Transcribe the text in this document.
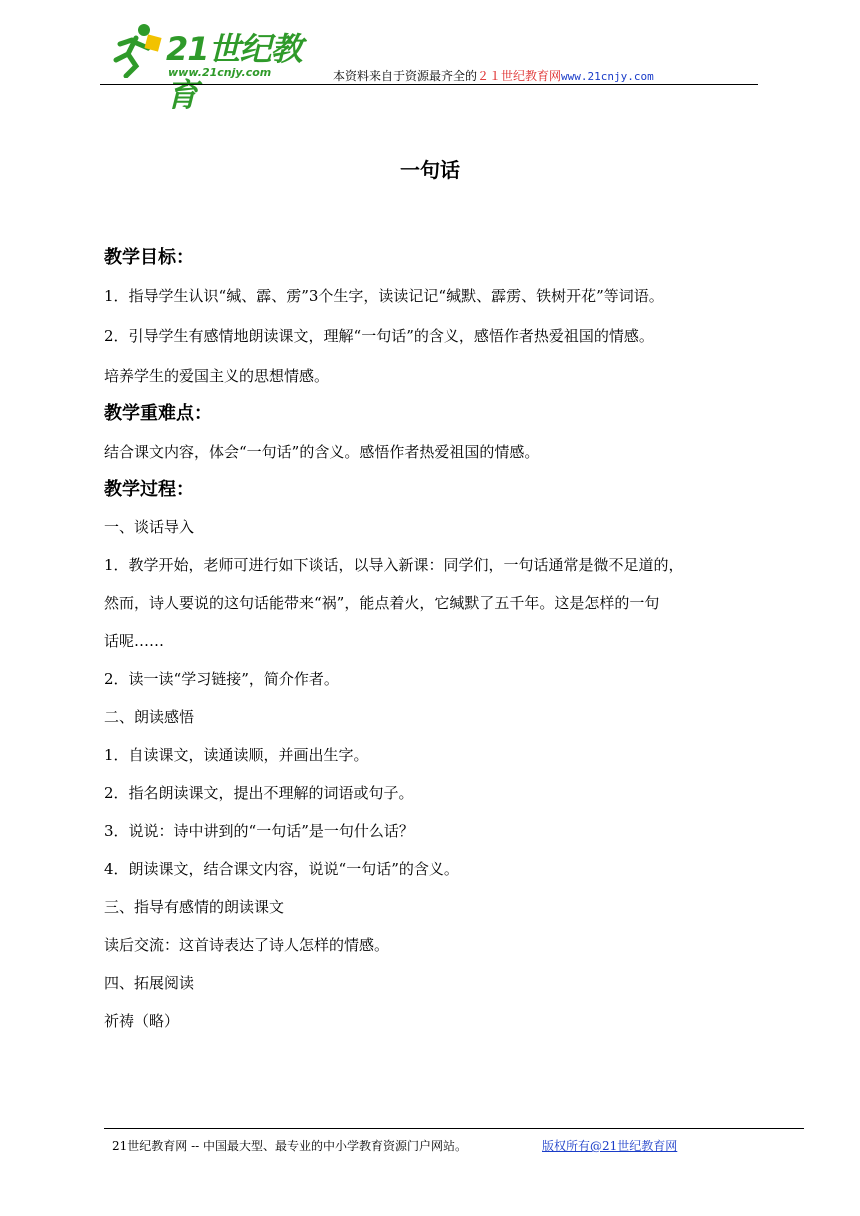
21世纪教育
www.21cnjy.com	本资料来自于资源最齐全的２１世纪教育网www.21cnjy.com
一句话
教学目标：
1．指导学生认识“缄、霹、雳”3个生字，读读记记“缄默、霹雳、铁树开花”等词语。
2．引导学生有感情地朗读课文，理解“一句话”的含义，感悟作者热爱祖国的情感。
培养学生的爱国主义的思想情感。
教学重难点：
结合课文内容，体会“一句话”的含义。感悟作者热爱祖国的情感。
教学过程：
一、谈话导入
1．教学开始，老师可进行如下谈话，以导入新课：同学们，一句话通常是微不足道的，
然而，诗人要说的这句话能带来“祸”，能点着火，它缄默了五千年。这是怎样的一句
话呢……
2．读一读“学习链接”，简介作者。
二、朗读感悟
1．自读课文，读通读顺，并画出生字。
2．指名朗读课文，提出不理解的词语或句子。
3．说说：诗中讲到的“一句话”是一句什么话？
4．朗读课文，结合课文内容，说说“一句话”的含义。
三、指导有感情的朗读课文
读后交流：这首诗表达了诗人怎样的情感。
四、拓展阅读
祈祷（略）
21世纪教育网 -- 中国最大型、最专业的中小学教育资源门户网站。	版权所有@21世纪教育网
